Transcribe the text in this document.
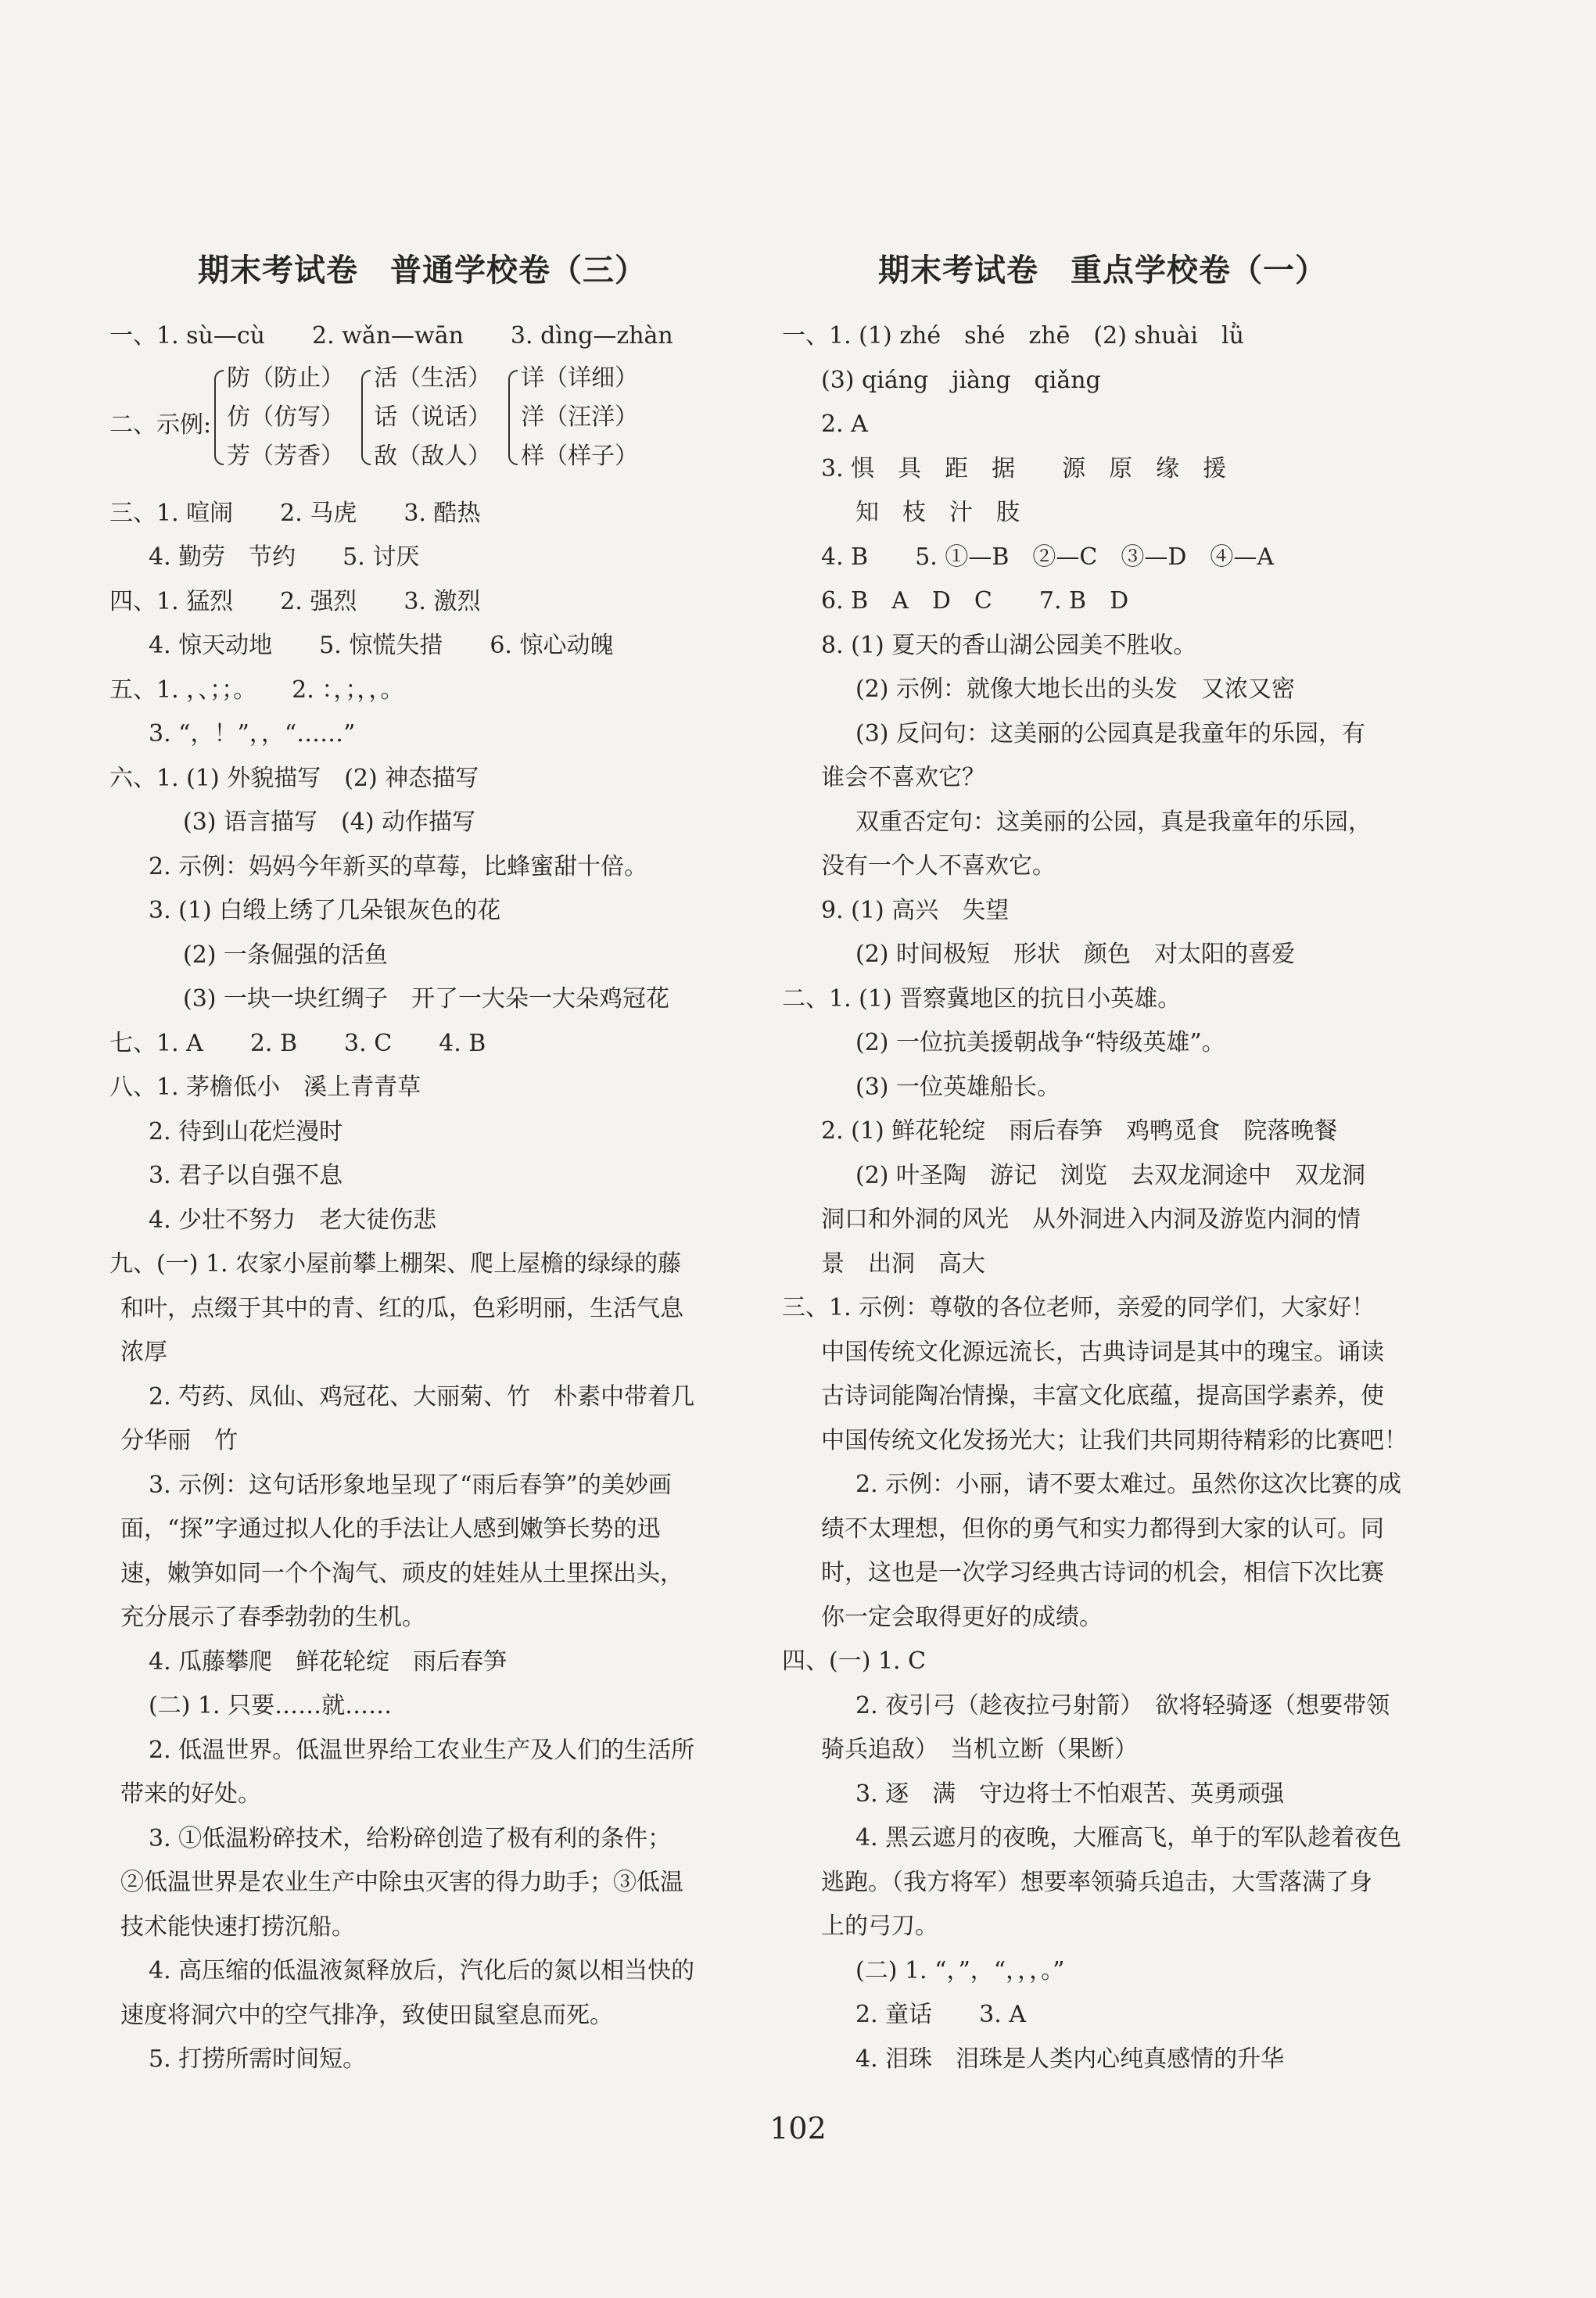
期末考试卷　普通学校卷（三）
一、1. sù—cù　　2. wǎn—wān　　3. dìng—zhàn
二、示例:
防（防止）
仿（仿写）
芳（芳香）
活（生活）
话（说话）
敌（敌人）
详（详细）
洋（汪洋）
样（样子）
三、1. 喧闹　　2. 马虎　　3. 酷热
4. 勤劳　节约　　5. 讨厌
四、1. 猛烈　　2. 强烈　　3. 激烈
4. 惊天动地　　5. 惊慌失措　　6. 惊心动魄
五、1. ，、；；。　　2. ：，；，，。
3. “，！”，，“……”
六、1. (1) 外貌描写　(2) 神态描写
(3) 语言描写　(4) 动作描写
2. 示例：妈妈今年新买的草莓，比蜂蜜甜十倍。
3. (1) 白缎上绣了几朵银灰色的花
(2) 一条倔强的活鱼
(3) 一块一块红绸子　开了一大朵一大朵鸡冠花
七、1. A　　2. B　　3. C　　4. B
八、1. 茅檐低小　溪上青青草
2. 待到山花烂漫时
3. 君子以自强不息
4. 少壮不努力　老大徒伤悲
九、(一) 1. 农家小屋前攀上棚架、爬上屋檐的绿绿的藤
和叶，点缀于其中的青、红的瓜，色彩明丽，生活气息
浓厚
2. 芍药、凤仙、鸡冠花、大丽菊、竹　朴素中带着几
分华丽　竹
3. 示例：这句话形象地呈现了“雨后春笋”的美妙画
面，“探”字通过拟人化的手法让人感到嫩笋长势的迅
速，嫩笋如同一个个淘气、顽皮的娃娃从土里探出头，
充分展示了春季勃勃的生机。
4. 瓜藤攀爬　鲜花轮绽　雨后春笋
(二) 1. 只要……就……
2. 低温世界。低温世界给工农业生产及人们的生活所
带来的好处。
3. ①低温粉碎技术，给粉碎创造了极有利的条件；
②低温世界是农业生产中除虫灭害的得力助手；③低温
技术能快速打捞沉船。
4. 高压缩的低温液氮释放后，汽化后的氮以相当快的
速度将洞穴中的空气排净，致使田鼠窒息而死。
5. 打捞所需时间短。
期末考试卷　重点学校卷（一）
一、1. (1) zhé　shé　zhē　(2) shuài　lǜ
(3) qiáng　jiàng　qiǎng
2. A
3. 惧　具　距　据　　源　原　缘　援
知　枝　汁　肢
4. B　　5. ①—B　②—C　③—D　④—A
6. B　A　D　C　　7. B　D
8. (1) 夏天的香山湖公园美不胜收。
(2) 示例：就像大地长出的头发　又浓又密
(3) 反问句：这美丽的公园真是我童年的乐园，有
谁会不喜欢它？
双重否定句：这美丽的公园，真是我童年的乐园，
没有一个人不喜欢它。
9. (1) 高兴　失望
(2) 时间极短　形状　颜色　对太阳的喜爱
二、1. (1) 晋察冀地区的抗日小英雄。
(2) 一位抗美援朝战争“特级英雄”。
(3) 一位英雄船长。
2. (1) 鲜花轮绽　雨后春笋　鸡鸭觅食　院落晚餐
(2) 叶圣陶　游记　浏览　去双龙洞途中　双龙洞
洞口和外洞的风光　从外洞进入内洞及游览内洞的情
景　出洞　高大
三、1. 示例：尊敬的各位老师，亲爱的同学们，大家好！
中国传统文化源远流长，古典诗词是其中的瑰宝。诵读
古诗词能陶冶情操，丰富文化底蕴，提高国学素养，使
中国传统文化发扬光大；让我们共同期待精彩的比赛吧！
2. 示例：小丽，请不要太难过。虽然你这次比赛的成
绩不太理想，但你的勇气和实力都得到大家的认可。同
时，这也是一次学习经典古诗词的机会，相信下次比赛
你一定会取得更好的成绩。
四、(一) 1. C
2. 夜引弓（趁夜拉弓射箭）　欲将轻骑逐（想要带领
骑兵追敌）　当机立断（果断）
3. 逐　满　守边将士不怕艰苦、英勇顽强
4. 黑云遮月的夜晚，大雁高飞，单于的军队趁着夜色
逃跑。（我方将军）想要率领骑兵追击，大雪落满了身
上的弓刀。
(二) 1. “，”，“，，，。”
2. 童话　　3. A
4. 泪珠　泪珠是人类内心纯真感情的升华
102
